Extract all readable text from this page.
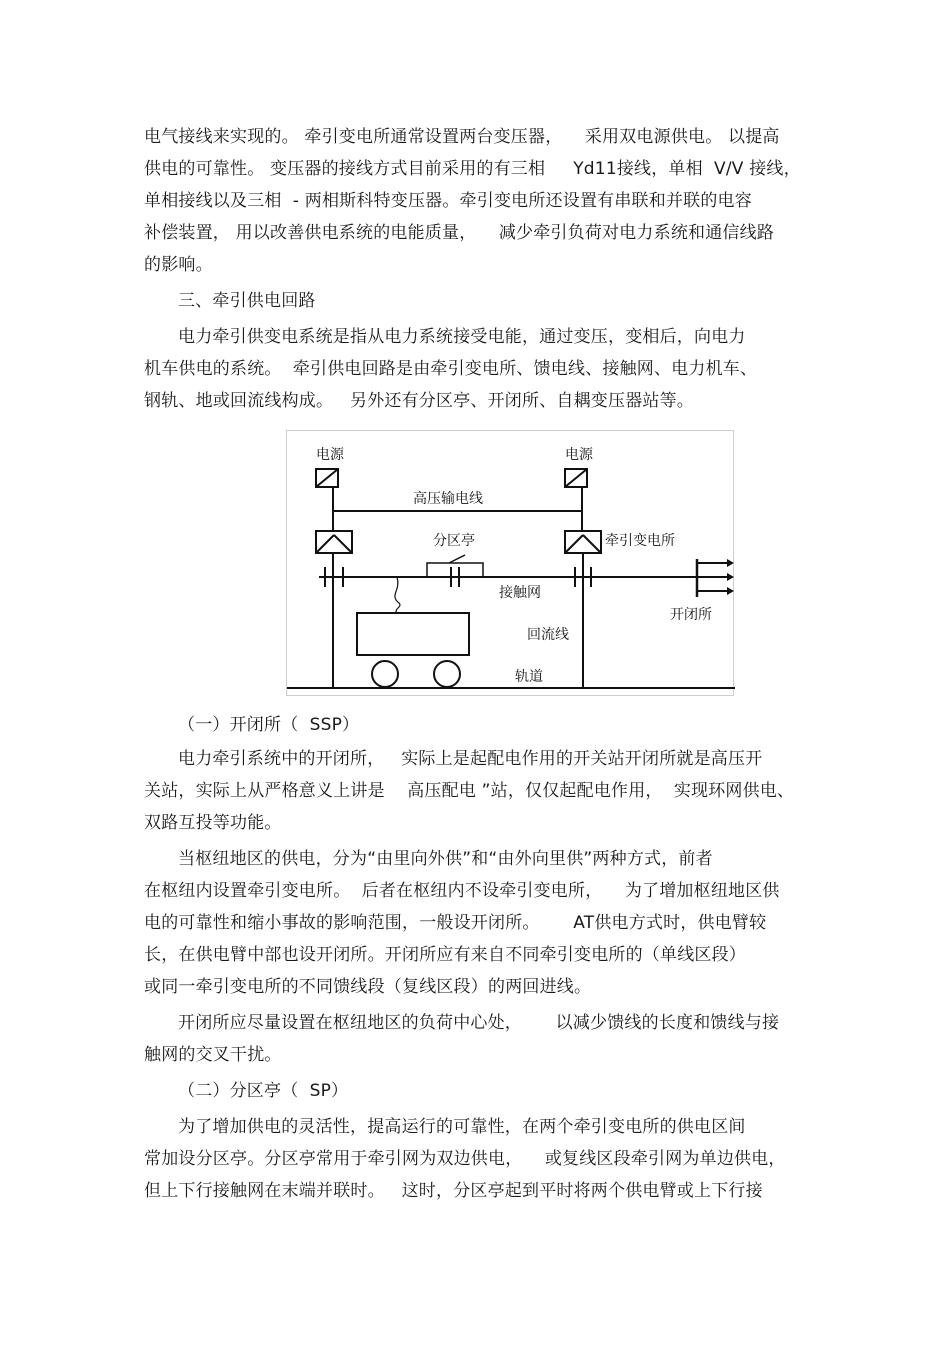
电气接线来实现的。 牵引变电所通常设置两台变压器，    采用双电源供电。 以提高
供电的可靠性。 变压器的接线方式目前采用的有三相     Yd11接线，单相  V/V 接线，
单相接线以及三相  - 两相斯科特变压器。牵引变电所还设置有串联和并联的电容
补偿装置， 用以改善供电系统的电能质量，    减少牵引负荷对电力系统和通信线路
的影响。
三、牵引供电回路
电力牵引供变电系统是指从电力系统接受电能，通过变压，变相后，向电力
机车供电的系统。  牵引供电回路是由牵引变电所、馈电线、接触网、电力机车、
钢轨、地或回流线构成。   另外还有分区亭、开闭所、自耦变压器站等。
电源	电源
高压输电线
分区亭	牵引变电所
接触网
开闭所
回流线
轨道
（一）开闭所（  SSP）
电力牵引系统中的开闭所，   实际上是起配电作用的开关站开闭所就是高压开
关站，实际上从严格意义上讲是    高压配电 ”站，仅仅起配电作用，  实现环网供电、
双路互投等功能。
当枢纽地区的供电，分为“由里向外供”和“由外向里供”两种方式，前者
在枢纽内设置牵引变电所。  后者在枢纽内不设牵引变电所，    为了增加枢纽地区供
电的可靠性和缩小事故的影响范围，一般设开闭所。      AT供电方式时，供电臂较
长，在供电臂中部也设开闭所。开闭所应有来自不同牵引变电所的（单线区段）
或同一牵引变电所的不同馈线段（复线区段）的两回进线。
开闭所应尽量设置在枢纽地区的负荷中心处，      以减少馈线的长度和馈线与接
触网的交叉干扰。
（二）分区亭（  SP）
为了增加供电的灵活性，提高运行的可靠性，在两个牵引变电所的供电区间
常加设分区亭。分区亭常用于牵引网为双边供电，    或复线区段牵引网为单边供电，
但上下行接触网在末端并联时。   这时，分区亭起到平时将两个供电臂或上下行接
